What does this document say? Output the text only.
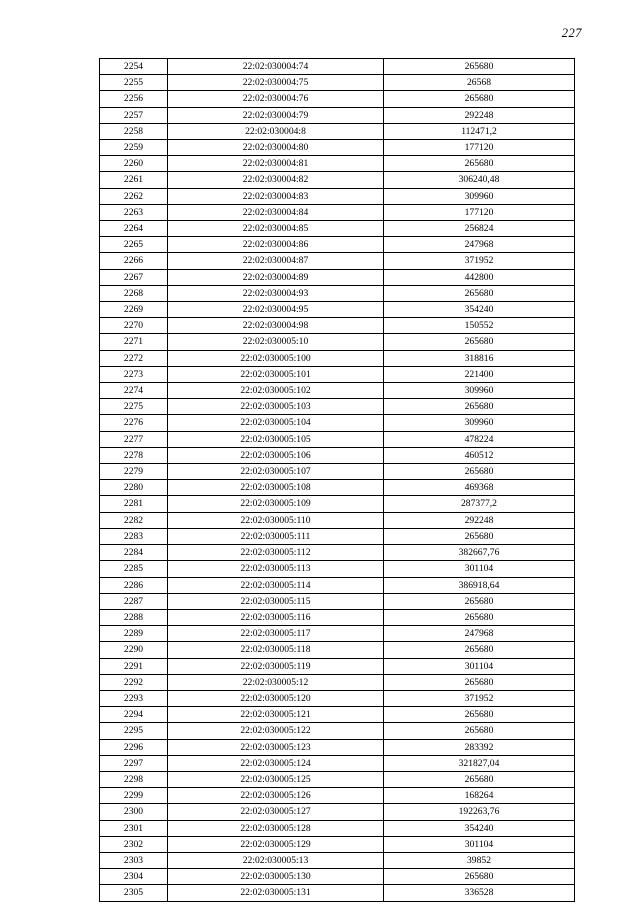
227
2254	22:02:030004:74	265680
2255	22:02:030004:75	26568
2256	22:02:030004:76	265680
2257	22:02:030004:79	292248
2258	22:02:030004:8	112471,2
2259	22:02:030004:80	177120
2260	22:02:030004:81	265680
2261	22:02:030004:82	306240,48
2262	22:02:030004:83	309960
2263	22:02:030004:84	177120
2264	22:02:030004:85	256824
2265	22:02:030004:86	247968
2266	22:02:030004:87	371952
2267	22:02:030004:89	442800
2268	22:02:030004:93	265680
2269	22:02:030004:95	354240
2270	22:02:030004:98	150552
2271	22:02:030005:10	265680
2272	22:02:030005:100	318816
2273	22:02:030005:101	221400
2274	22:02:030005:102	309960
2275	22:02:030005:103	265680
2276	22:02:030005:104	309960
2277	22:02:030005:105	478224
2278	22:02:030005:106	460512
2279	22:02:030005:107	265680
2280	22:02:030005:108	469368
2281	22:02:030005:109	287377,2
2282	22:02:030005:110	292248
2283	22:02:030005:111	265680
2284	22:02:030005:112	382667,76
2285	22:02:030005:113	301104
2286	22:02:030005:114	386918,64
2287	22:02:030005:115	265680
2288	22:02:030005:116	265680
2289	22:02:030005:117	247968
2290	22:02:030005:118	265680
2291	22:02:030005:119	301104
2292	22:02:030005:12	265680
2293	22:02:030005:120	371952
2294	22:02:030005:121	265680
2295	22:02:030005:122	265680
2296	22:02:030005:123	283392
2297	22:02:030005:124	321827,04
2298	22:02:030005:125	265680
2299	22:02:030005:126	168264
2300	22:02:030005:127	192263,76
2301	22:02:030005:128	354240
2302	22:02:030005:129	301104
2303	22:02:030005:13	39852
2304	22:02:030005:130	265680
2305	22:02:030005:131	336528
